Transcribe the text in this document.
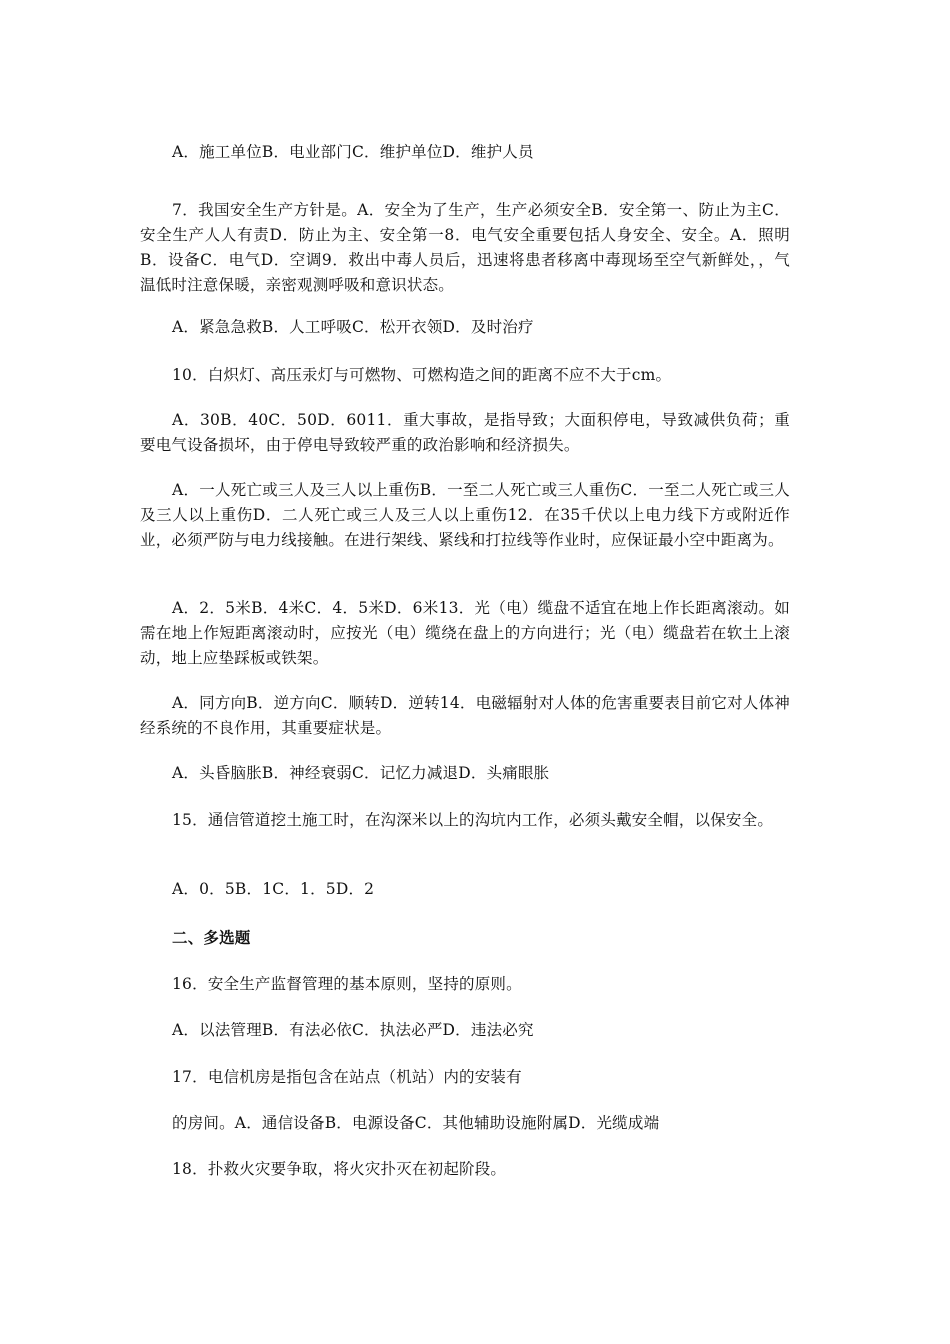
A．施工单位B．电业部门C．维护单位D．维护人员

7．我国安全生产方针是。A．安全为了生产，生产必须安全B．安全第一、防止为主C．安全生产人人有责D．防止为主、安全第一8．电气安全重要包括人身安全、安全。A．照明B．设备C．电气D．空调9．救出中毒人员后，迅速将患者移离中毒现场至空气新鲜处，，气温低时注意保暖，亲密观测呼吸和意识状态。

A．紧急急救B．人工呼吸C．松开衣领D．及时治疗

10．白炽灯、高压汞灯与可燃物、可燃构造之间的距离不应不大于cm。

A．30B．40C．50D．6011．重大事故，是指导致；大面积停电，导致减供负荷；重要电气设备损坏，由于停电导致较严重的政治影响和经济损失。

A．一人死亡或三人及三人以上重伤B．一至二人死亡或三人重伤C．一至二人死亡或三人及三人以上重伤D．二人死亡或三人及三人以上重伤12．在35千伏以上电力线下方或附近作业，必须严防与电力线接触。在进行架线、紧线和打拉线等作业时，应保证最小空中距离为。

A．2．5米B．4米C．4．5米D．6米13．光（电）缆盘不适宜在地上作长距离滚动。如需在地上作短距离滚动时，应按光（电）缆绕在盘上的方向进行；光（电）缆盘若在软土上滚动，地上应垫踩板或铁架。

A．同方向B．逆方向C．顺转D．逆转14．电磁辐射对人体的危害重要表目前它对人体神经系统的不良作用，其重要症状是。

A．头昏脑胀B．神经衰弱C．记忆力减退D．头痛眼胀

15．通信管道挖土施工时，在沟深米以上的沟坑内工作，必须头戴安全帽，以保安全。

A．0．5B．1C．1．5D．2

二、多选题

16．安全生产监督管理的基本原则，坚持的原则。

A．以法管理B．有法必依C．执法必严D．违法必究

17．电信机房是指包含在站点（机站）内的安装有

的房间。A．通信设备B．电源设备C．其他辅助设施附属D．光缆成端

18．扑救火灾要争取，将火灾扑灭在初起阶段。
